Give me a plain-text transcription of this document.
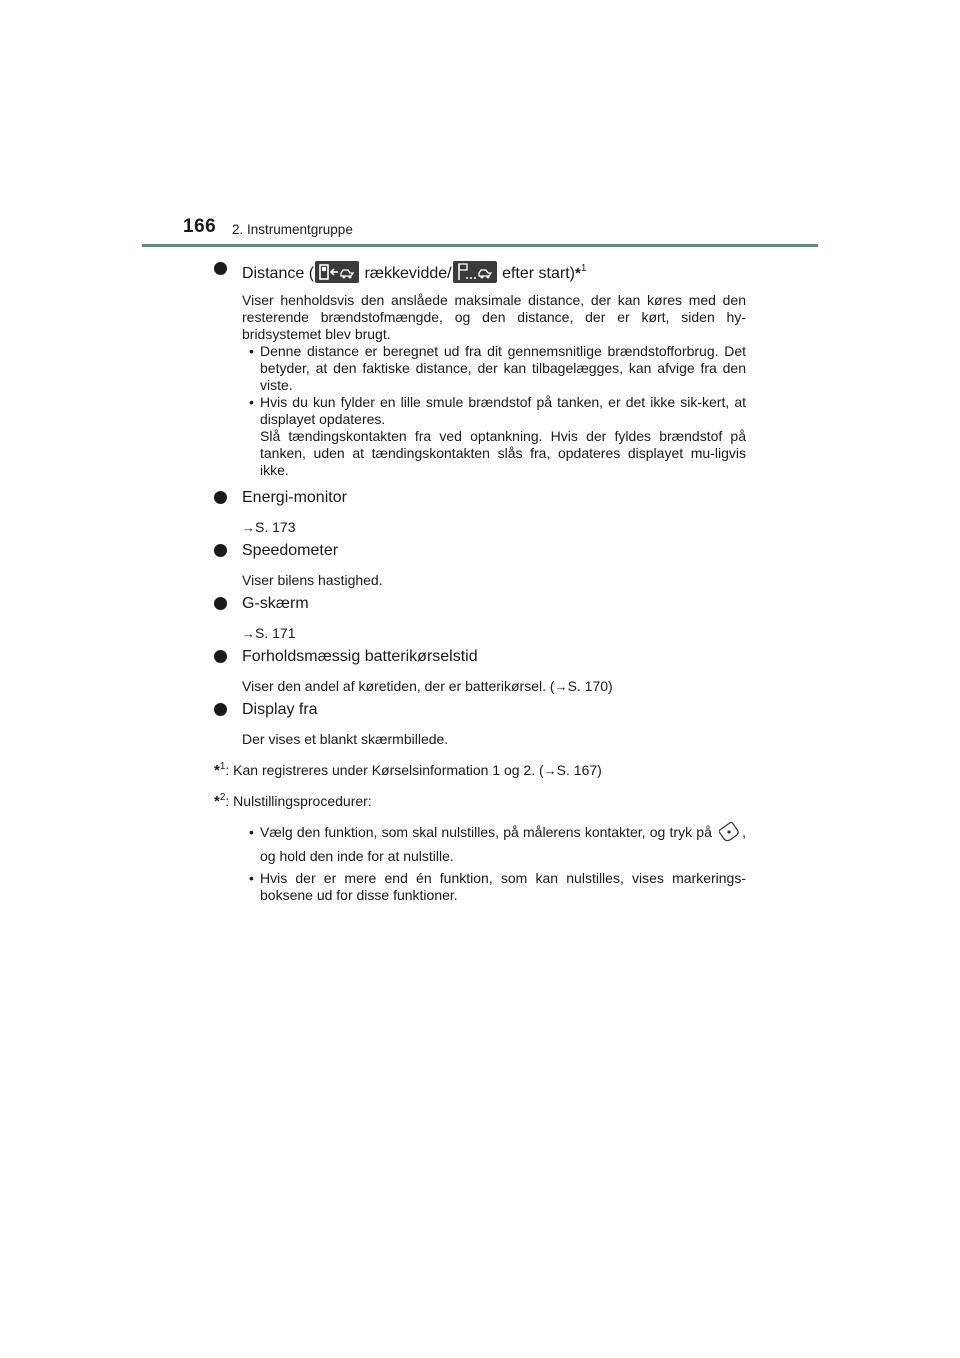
166 2. Instrumentgruppe
Distance (	rækkevidde/	efter start)*$^1$
Viser henholdsvis den anslåede maksimale distance, der kan køres med den resterende brændstofmængde, og den distance, der er kørt, siden hy-bridsystemet blev brugt.
• Denne distance er beregnet ud fra dit gennemsnitlige brændstofforbrug. Det betyder, at den faktiske distance, der kan tilbagelægges, kan afvige fra den viste.
• Hvis du kun fylder en lille smule brændstof på tanken, er det ikke sik-kert, at displayet opdateres.
Slå tændingskontakten fra ved optankning. Hvis der fyldes brændstof på tanken, uden at tændingskontakten slås fra, opdateres displayet mu-ligvis ikke.
Energi-monitor
→S. 173
Speedometer
Viser bilens hastighed.
G-skærm
→S. 171
Forholdsmæssig batterikørselstid
Viser den andel af køretiden, der er batterikørsel. (→S. 170)
Display fra
Der vises et blankt skærmbillede.
*$^1$: Kan registreres under Kørselsinformation 1 og 2. (→S. 167)
*$^2$: Nulstillingsprocedurer:
• Vælg den funktion, som skal nulstilles, på målerens kontakter, og tryk på , og hold den inde for at nulstille.
• Hvis der er mere end én funktion, som kan nulstilles, vises markerings-boksene ud for disse funktioner.
